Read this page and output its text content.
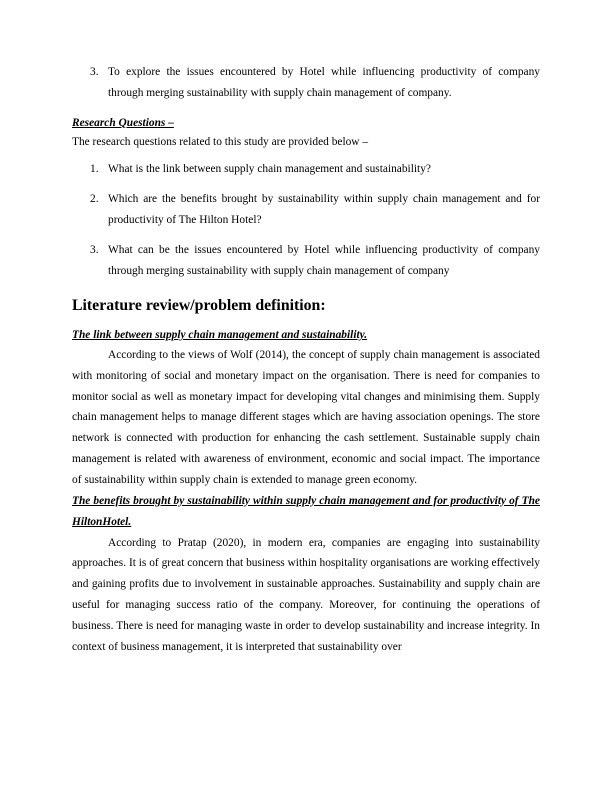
3. To explore the issues encountered by Hotel while influencing productivity of company through merging sustainability with supply chain management of company.
Research Questions –
The research questions related to this study are provided below –
1. What is the link between supply chain management and sustainability?
2. Which are the benefits brought by sustainability within supply chain management and for productivity of The Hilton Hotel?
3. What can be the issues encountered by Hotel while influencing productivity of company through merging sustainability with supply chain management of company
Literature review/problem definition:
The link between supply chain management and sustainability.
According to the views of Wolf (2014), the concept of supply chain management is associated with monitoring of social and monetary impact on the organisation. There is need for companies to monitor social as well as monetary impact for developing vital changes and minimising them. Supply chain management helps to manage different stages which are having association openings. The store network is connected with production for enhancing the cash settlement. Sustainable supply chain management is related with awareness of environment, economic and social impact. The importance of sustainability within supply chain is extended to manage green economy.
The benefits brought by sustainability within supply chain management and for productivity of The HiltonHotel.
According to Pratap (2020), in modern era, companies are engaging into sustainability approaches. It is of great concern that business within hospitality organisations are working effectively and gaining profits due to involvement in sustainable approaches. Sustainability and supply chain are useful for managing success ratio of the company. Moreover, for continuing the operations of business. There is need for managing waste in order to develop sustainability and increase integrity. In context of business management, it is interpreted that sustainability over
